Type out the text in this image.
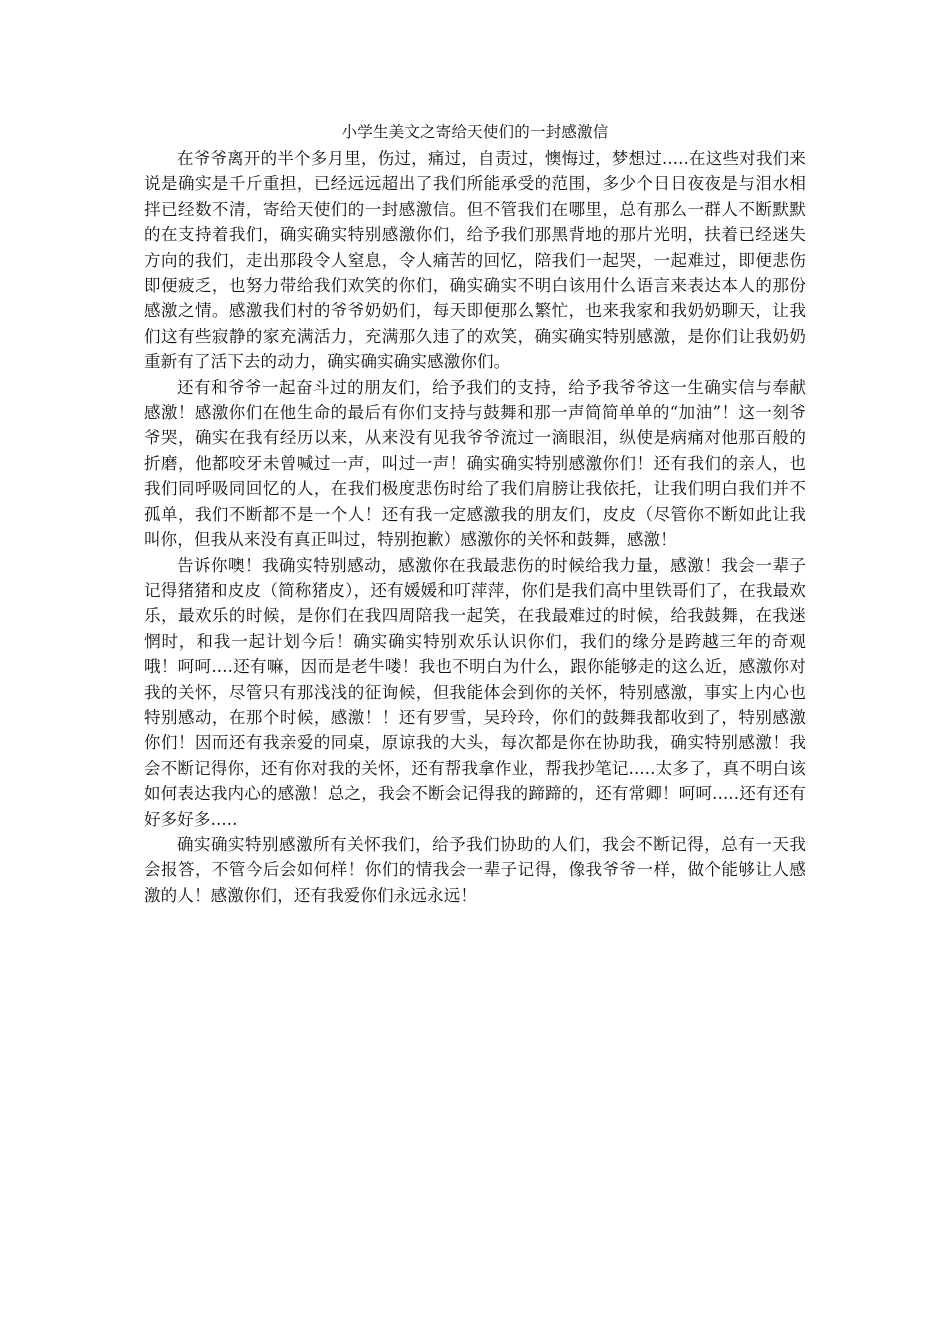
小学生美文之寄给天使们的一封感激信

在爷爷离开的半个多月里，伤过，痛过，自责过，懊悔过，梦想过.....在这些对我们来说是确实是千斤重担，已经远远超出了我们所能承受的范围，多少个日日夜夜是与泪水相拌已经数不清，寄给天使们的一封感激信。但不管我们在哪里，总有那么一群人不断默默的在支持着我们，确实确实特别感激你们，给予我们那黑背地的那片光明，扶着已经迷失方向的我们，走出那段令人窒息，令人痛苦的回忆，陪我们一起哭，一起难过，即便悲伤即便疲乏，也努力带给我们欢笑的你们，确实确实不明白该用什么语言来表达本人的那份感激之情。感激我们村的爷爷奶奶们，每天即便那么繁忙，也来我家和我奶奶聊天，让我们这有些寂静的家充满活力，充满那久违了的欢笑，确实确实特别感激，是你们让我奶奶重新有了活下去的动力，确实确实确实感激你们。

还有和爷爷一起奋斗过的朋友们，给予我们的支持，给予我爷爷这一生确实信与奉献感激！感激你们在他生命的最后有你们支持与鼓舞和那一声简简单单的“加油”！这一刻爷爷哭，确实在我有经历以来，从来没有见我爷爷流过一滴眼泪，纵使是病痛对他那百般的折磨，他都咬牙未曾喊过一声，叫过一声！确实确实特别感激你们！还有我们的亲人，也我们同呼吸同回忆的人，在我们极度悲伤时给了我们肩膀让我依托，让我们明白我们并不孤单，我们不断都不是一个人！还有我一定感激我的朋友们，皮皮（尽管你不断如此让我叫你，但我从来没有真正叫过，特别抱歉）感激你的关怀和鼓舞，感激！

告诉你噢！我确实特别感动，感激你在我最悲伤的时候给我力量，感激！我会一辈子记得猪猪和皮皮（简称猪皮），还有媛媛和叮萍萍，你们是我们高中里铁哥们了，在我最欢乐，最欢乐的时候，是你们在我四周陪我一起笑，在我最难过的时候，给我鼓舞，在我迷惘时，和我一起计划今后！确实确实特别欢乐认识你们，我们的缘分是跨越三年的奇观哦！呵呵....还有嘛，因而是老牛喽！我也不明白为什么，跟你能够走的这么近，感激你对我的关怀，尽管只有那浅浅的征询候，但我能体会到你的关怀，特别感激，事实上内心也特别感动，在那个时候，感激！！还有罗雪，吴玲玲，你们的鼓舞我都收到了，特别感激你们！因而还有我亲爱的同桌，原谅我的大头，每次都是你在协助我，确实特别感激！我会不断记得你，还有你对我的关怀，还有帮我拿作业，帮我抄笔记.....太多了，真不明白该如何表达我内心的感激！总之，我会不断会记得我的蹄蹄的，还有常卿！呵呵.....还有还有好多好多.....

确实确实特别感激所有关怀我们，给予我们协助的人们，我会不断记得，总有一天我会报答，不管今后会如何样！你们的情我会一辈子记得，像我爷爷一样，做个能够让人感激的人！感激你们，还有我爱你们永远永远！
